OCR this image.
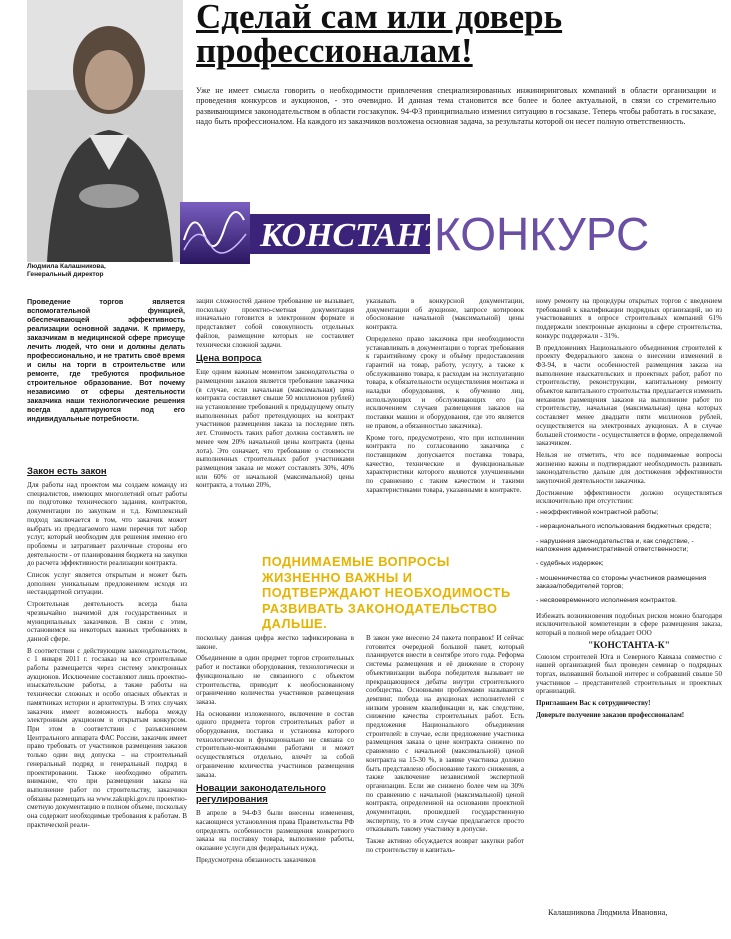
Людмила Калашникова,
Генеральный директор
Сделай сам или доверь профессионалам!
Уже не имеет смысла говорить о необходимости привлечения специализированных инжиниринговых компаний в области организации и проведения конкурсов и аукционов, - это очевидно. И данная тема становится все более и более актуальной, в связи со стремительно развивающимся законодательством в области госзакупок. 94-ФЗ принципиально изменил ситуацию в госзаказе. Теперь чтобы работать в госзаказе, надо быть профессионалом. На каждого из заказчиков возложена основная задача, за результаты которой он несет полную ответственность.
КОНСТАНТА
КОНКУРС
Проведение торгов является вспомогательной функцией, обеспечивающей эффективность реализации основной задачи. К примеру, заказчикам в медицинской сфере присуще лечить людей, что они и должны делать профессионально, и не тратить своё время и силы на торги в строительстве или ремонте, где требуются профильное строительное образование. Вот почему независимо от сферы деятельности заказчика наши технологические решения всегда адаптируются под его индивидуальные потребности.
Закон есть закон

Для работы над проектом мы создаем команду из специалистов, имеющих многолетний опыт работы по подготовке технического задания, контрактов, документации по закупкам и т.д. Комплексный подход заключается в том, что заказчик может выбрать из предлагаемого нами перечня тот набор услуг, который необходим для решения именно его проблемы и затрагивает различные стороны его деятельности - от планирования бюджета на закупки до расчета эффективности реализации контракта.

Список услуг является открытым и может быть дополнен уникальным предложением исходя из нестандартной ситуации.

Строительная деятельность всегда была чрезвычайно значимой для государственных и муниципальных заказчиков. В связи с этим, остановимся на некоторых важных требованиях в данной сфере.

В соответствии с действующим законодательством, с 1 января 2011 г. госзаказ на все строительные работы размещается через систему электронных аукционов. Исключение составляют лишь проектно-изыскательские работы, а также работы на технически сложных и особо опасных объектах и памятниках истории и архитектуры. В этих случаях заказчик имеет возможность выбора между электронным аукционом и открытым конкурсом. При этом в соответствии с разъяснением Центрального аппарата ФАС России, заказчик имеет право требовать от участников размещения заказов только один вид допуска – на строительный генеральный подряд и генеральный подряд в проектировании. Также необходимо обратить внимание, что при размещении заказа на выполнение работ по строительству, заказчики обязаны размещать на www.zakupki.gov.ru проектно-сметную документацию в полном объеме, поскольку она содержит необходимые требования к работам. В практической реали-

зации сложностей данное требование не вызывает, поскольку проектно-сметная документация изначально готовится в электронном формате и представляет собой совокупность отдельных файлов, размещение которых не составляет технически сложной задачи.

Цена вопроса

Еще одним важным моментом законодательства о размещении заказов является требование заказчика (в случае, если начальная (максимальная) цена контракта составляет свыше 50 миллионов рублей) на установление требований к предыдущему опыту выполненных работ претендующих на контракт участников размещения заказа за последние пять лет. Стоимость таких работ должна составлять не менее чем 20% начальной цены контракта (цены лота). Это означает, что требование о стоимости выполненных строительных работ участниками размещения заказа не может составлять 30%, 40% или 60% от начальной (максимальной) цены контракта, а только 20%,

указывать в конкурсной документации, документации об аукционе, запросе котировок обоснование начальной (максимальной) цены контракта.

Определено право заказчика при необходимости устанавливать в документации о торгах требования к гарантийному сроку и объёму предоставления гарантий на товар, работу, услугу, а также к обслуживанию товара, к расходам на эксплуатацию товара, к обязательности осуществления монтажа и наладки оборудования, к обучению лиц, использующих и обслуживающих его (за исключением случаев размещения заказов на поставки машин и оборудования, где это является не правом, а обязанностью заказчика).

Кроме того, предусмотрено, что при исполнении контракта по согласованию заказчика с поставщиком допускается поставка товара, качество, технические и функциональные характеристики которого являются улучшенными по сравнению с таким качеством и такими характеристиками товара, указанными в контракте.

ПОДНИМАЕМЫЕ ВОПРОСЫ ЖИЗНЕННО ВАЖНЫ И ПОДТВЕРЖДАЮТ НЕОБХОДИМОСТЬ РАЗВИВАТЬ ЗАКОНОДАТЕЛЬСТВО ДАЛЬШЕ.

поскольку данная цифра жестко зафиксирована в законе.

Объединение в один предмет торгов строительных работ и поставки оборудования, технологически и функционально не связанного с объектом строительства, приводит к необоснованному ограничению количества участников размещения заказа.

На основании изложенного, включение в состав одного предмета торгов строительных работ и оборудования, поставка и установка которого технологически и функционально не связана со строительно-монтажными работами и может осуществляться отдельно, влечёт за собой ограничение количества участников размещения заказа.

Новации законодательного регулирования

В апреле в 94-ФЗ были внесены изменения, касающиеся установления права Правительства РФ определять особенности размещения конкретного заказа на поставку товара, выполнение работы, оказание услуги для федеральных нужд.

Предусмотрена обязанность заказчиков

В закон уже внесено 24 пакета поправок! И сейчас готовится очередной большой пакет, который планируется внести в сентябре этого года. Реформа системы размещения и её движение в сторону объективизации выбора победителя вызывает не прекращающиеся дебаты внутри строительного сообщества. Основными проблемами называются демпинг, победа на аукционах исполнителей с низким уровнем квалификации и, как следствие, снижение качества строительных работ. Есть предложения Национального объединения строителей: в случае, если предложение участника размещения заказа о цене контракта снижено по сравнению с начальной (максимальной) ценой контракта на 15-30 %, в заявке участника должно быть представлено обоснование такого снижения, а также заключение независимой экспертной организации. Если же снижено более чем на 30% по сравнению с начальной (максимальной) ценой контракта, определенной на основании проектной документации, прошедшей государственную экспертизу, то в этом случае предлагается просто отказывать такому участнику в допуске.

Также активно обсуждается возврат закупки работ по строительству и капиталь-

ному ремонту на процедуры открытых торгов с введением требований к квалификации подрядных организаций, но из участвовавших в опросе строительных компаний 61% поддержали электронные аукционы в сфере строительства, конкурс поддержали - 31%.

В предложениях Национального объединения строителей к проекту Федерального закона о внесении изменений в ФЗ-94, в части особенностей размещения заказа на выполнение изыскательских и проектных работ, работ по строительству, реконструкции, капитальному ремонту объектов капитального строительства предлагается изменить механизм размещения заказов на выполнение работ по строительству, начальная (максимальная) цена которых составляет менее двадцати пяти миллионов рублей, осуществляется на электронных аукционах. А в случае большей стоимости - осуществляется в форме, определяемой заказчиком.

Нельзя не отметить, что все поднимаемые вопросы жизненно важны и подтверждают необходимость развивать законодательство дальше для достижения эффективности закупочной деятельности заказчика.

Достижение эффективности должно осуществляться исключительно при отсутствии:

- неэффективной контрактной работы;
- нерационального использования бюджетных средств;
- нарушения законодательства и, как следствие, - наложения административной ответственности;
- судебных издержек;
- мошенничества со стороны участников размещения заказа/победителей торгов;
- несвоевременного исполнения контрактов.

Избежать возникновения подобных рисков можно благодаря исключительной компетенции в сфере размещения заказа, который в полной мере обладает ООО

"КОНСТАНТА-К"

Союзом строителей Юга и Северного Кавказа совместно с нашей организацией был проведен семинар о подрядных торгах, вызвавший большой интерес и собравший свыше 50 участников – представителей строительных и проектных организаций.

Приглашаем Вас к сотрудничеству!

Доверьте получение заказов профессионалам!

Калашникова Людмила Ивановна,
